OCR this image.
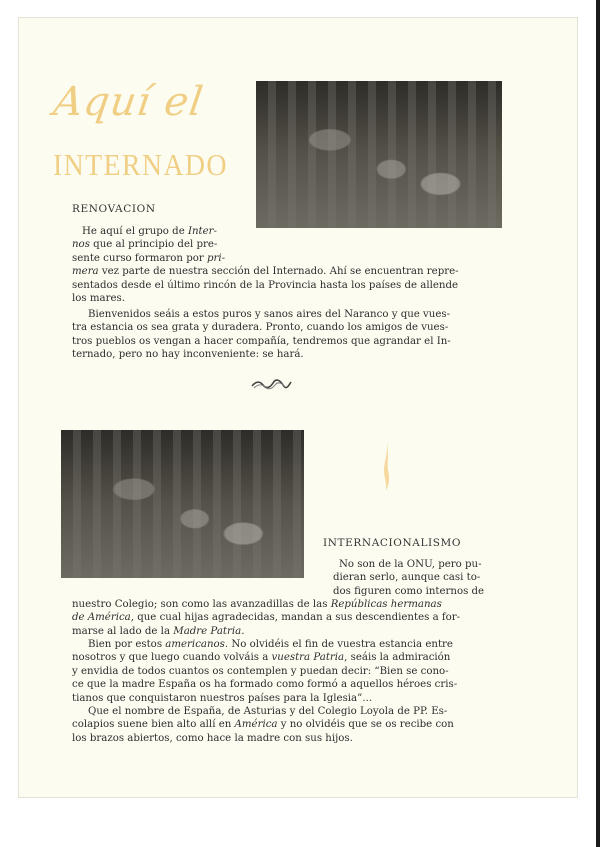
Aquí el
INTERNADO
RENOVACION
He aquí el grupo de Inter-
nos que al principio del pre-
sente curso formaron por pri-
mera vez parte de nuestra sección del Internado. Ahí se encuentran repre-
sentados desde el último rincón de la Provincia hasta los países de allende
los mares.
Bienvenidos seáis a estos puros y sanos aires del Naranco y que vues-
tra estancia os sea grata y duradera. Pronto, cuando los amigos de vues-
tros pueblos os vengan a hacer compañía, tendremos que agrandar el In-
ternado, pero no hay inconveniente: se hará.
INTERNACIONALISMO
No son de la ONU, pero pu-
dieran serlo, aunque casi to-
dos figuren como internos de
nuestro Colegio; son como las avanzadillas de las Repúblicas hermanas
de América, que cual hijas agradecidas, mandan a sus descendientes a for-
marse al lado de la Madre Patria.
Bien por estos americanos. No olvidéis el fin de vuestra estancia entre
nosotros y que luego cuando volváis a vuestra Patria, seáis la admiración
y envidia de todos cuantos os contemplen y puedan decir: “Bien se cono-
ce que la madre España os ha formado como formó a aquellos héroes cris-
tianos que conquistaron nuestros países para la Iglesia”...
Que el nombre de España, de Asturias y del Colegio Loyola de PP. Es-
colapios suene bien alto allí en América y no olvidéis que se os recibe con
los brazos abiertos, como hace la madre con sus hijos.
